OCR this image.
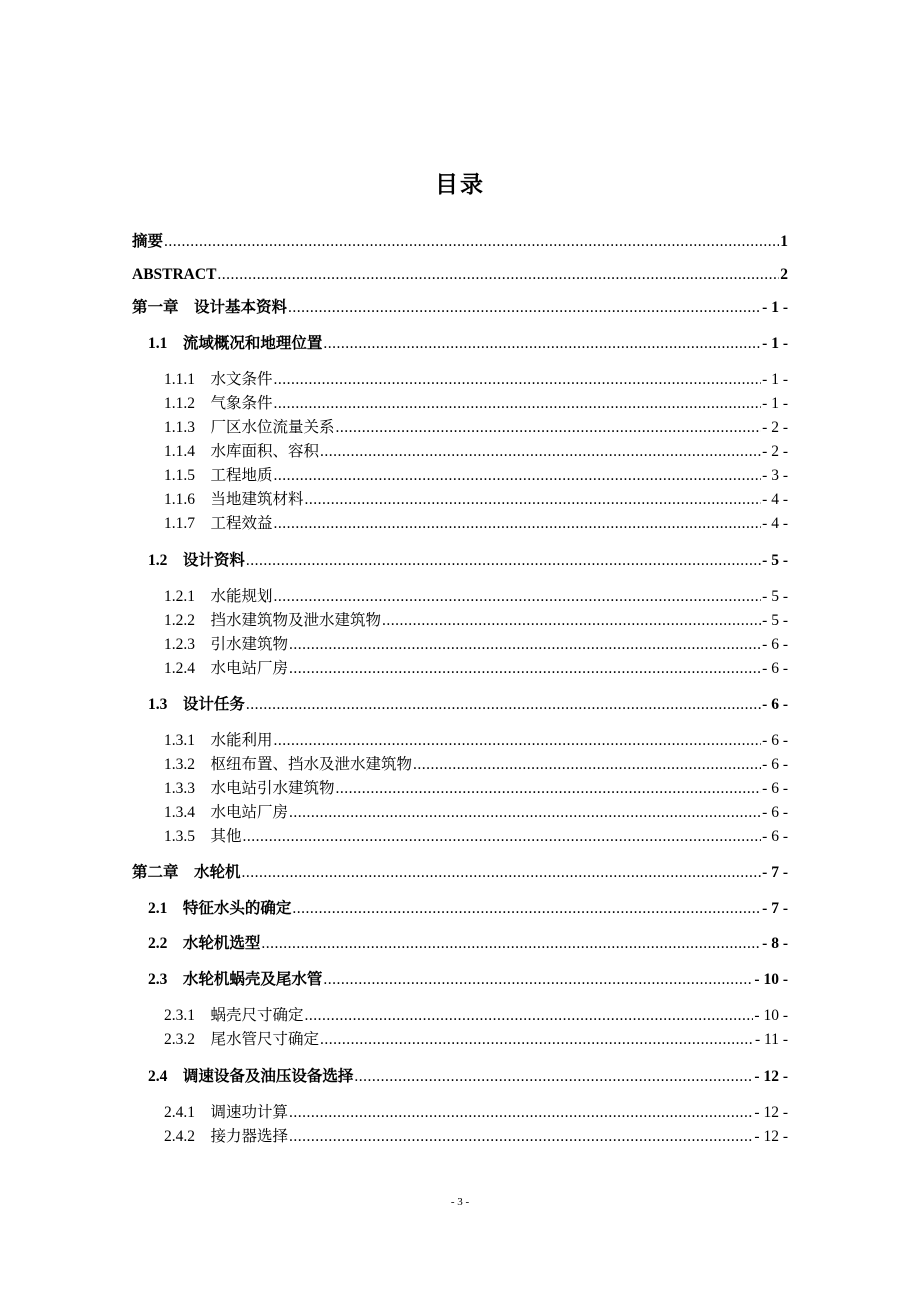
目录
摘要 .....	1
ABSTRACT .....	2
第一章　设计基本资料 .....	- 1 -
1.1　流域概况和地理位置 .....	- 1 -
1.1.1　水文条件 .....	- 1 -
1.1.2　气象条件 .....	- 1 -
1.1.3　厂区水位流量关系 .....	- 2 -
1.1.4　水库面积、容积 .....	- 2 -
1.1.5　工程地质 .....	- 3 -
1.1.6　当地建筑材料 .....	- 4 -
1.1.7　工程效益 .....	- 4 -
1.2　设计资料 .....	- 5 -
1.2.1　水能规划 .....	- 5 -
1.2.2　挡水建筑物及泄水建筑物 .....	- 5 -
1.2.3　引水建筑物 .....	- 6 -
1.2.4　水电站厂房 .....	- 6 -
1.3　设计任务 .....	- 6 -
1.3.1　水能利用 .....	- 6 -
1.3.2　枢纽布置、挡水及泄水建筑物 .....	- 6 -
1.3.3　水电站引水建筑物 .....	- 6 -
1.3.4　水电站厂房 .....	- 6 -
1.3.5　其他 .....	- 6 -
第二章　水轮机 .....	- 7 -
2.1　特征水头的确定 .....	- 7 -
2.2　水轮机选型 .....	- 8 -
2.3　水轮机蜗壳及尾水管 .....	- 10 -
2.3.1　蜗壳尺寸确定 .....	- 10 -
2.3.2　尾水管尺寸确定 .....	- 11 -
2.4　调速设备及油压设备选择 .....	- 12 -
2.4.1　调速功计算 .....	- 12 -
2.4.2　接力器选择 .....	- 12 -
- 3 -
